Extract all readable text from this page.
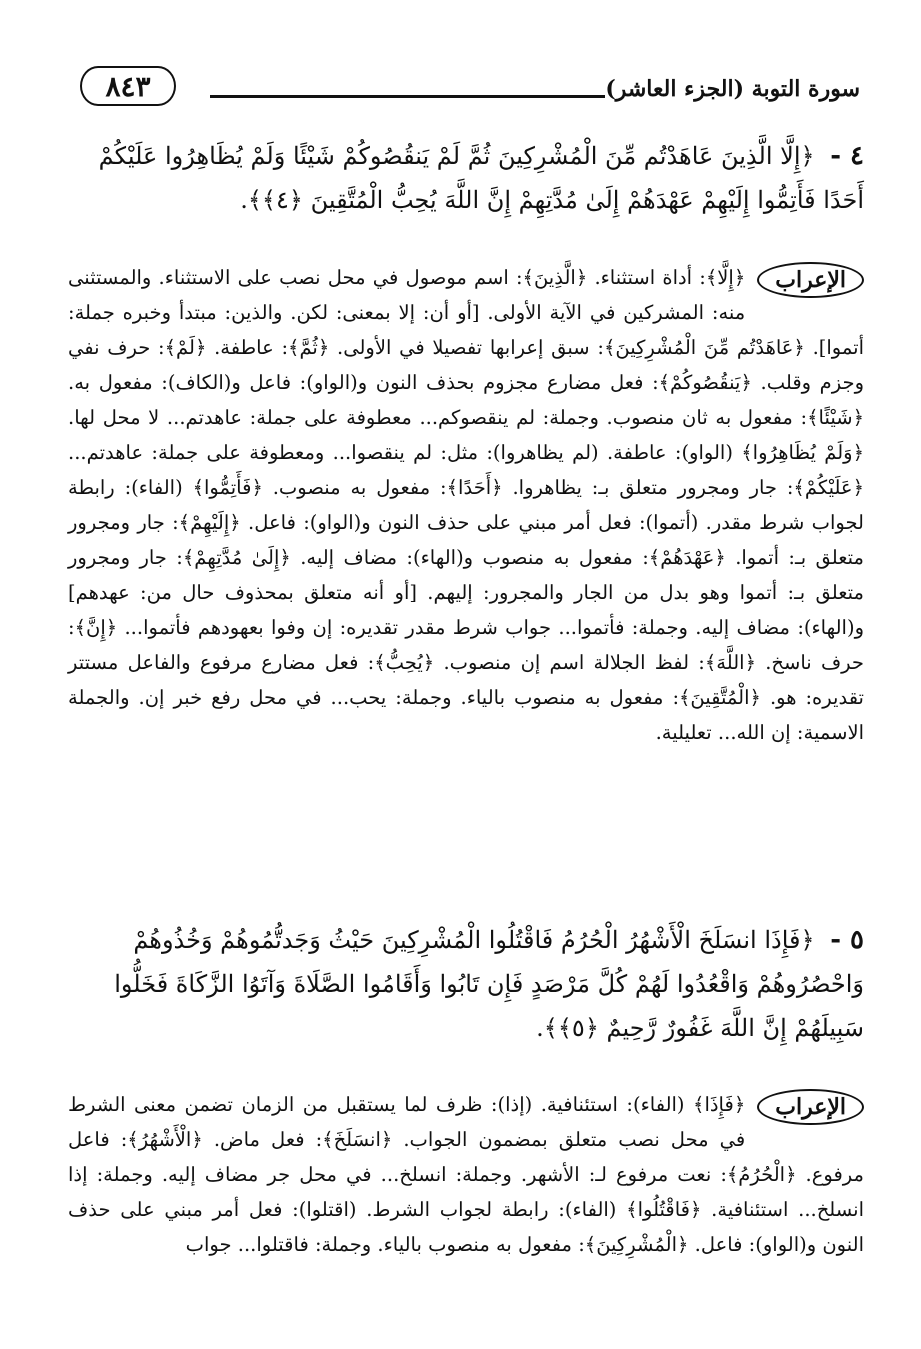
٨٤٣	سورة التوبة (الجزء العاشر)
٤ - ﴿إِلَّا الَّذِينَ عَاهَدْتُم مِّنَ الْمُشْرِكِينَ ثُمَّ لَمْ يَنقُصُوكُمْ شَيْئًا وَلَمْ يُظَاهِرُوا عَلَيْكُمْ أَحَدًا فَأَتِمُّوا إِلَيْهِمْ عَهْدَهُمْ إِلَىٰ مُدَّتِهِمْ إِنَّ اللَّهَ يُحِبُّ الْمُتَّقِينَ ﴿٤﴾﴾.
الإعراب
﴿إِلَّا﴾: أداة استثناء. ﴿الَّذِينَ﴾: اسم موصول في محل نصب على الاستثناء. والمستثنى منه: المشركين في الآية الأولى. [أو أن: إلا بمعنى: لكن. والذين: مبتدأ وخبره جملة: أتموا]. ﴿عَاهَدْتُم مِّنَ الْمُشْرِكِينَ﴾: سبق إعرابها تفصيلا في الأولى. ﴿ثُمَّ﴾: عاطفة. ﴿لَمْ﴾: حرف نفي وجزم وقلب. ﴿يَنقُصُوكُمْ﴾: فعل مضارع مجزوم بحذف النون و(الواو): فاعل و(الكاف): مفعول به. ﴿شَيْئًا﴾: مفعول به ثان منصوب. وجملة: لم ينقصوكم... معطوفة على جملة: عاهدتم... لا محل لها. ﴿وَلَمْ يُظَاهِرُوا﴾ (الواو): عاطفة. (لم يظاهروا): مثل: لم ينقصوا... ومعطوفة على جملة: عاهدتم... ﴿عَلَيْكُمْ﴾: جار ومجرور متعلق بـ: يظاهروا. ﴿أَحَدًا﴾: مفعول به منصوب. ﴿فَأَتِمُّوا﴾ (الفاء): رابطة لجواب شرط مقدر. (أتموا): فعل أمر مبني على حذف النون و(الواو): فاعل. ﴿إِلَيْهِمْ﴾: جار ومجرور متعلق بـ: أتموا. ﴿عَهْدَهُمْ﴾: مفعول به منصوب و(الهاء): مضاف إليه. ﴿إِلَىٰ مُدَّتِهِمْ﴾: جار ومجرور متعلق بـ: أتموا وهو بدل من الجار والمجرور: إليهم. [أو أنه متعلق بمحذوف حال من: عهدهم] و(الهاء): مضاف إليه. وجملة: فأتموا... جواب شرط مقدر تقديره: إن وفوا بعهودهم فأتموا... ﴿إِنَّ﴾: حرف ناسخ. ﴿اللَّهَ﴾: لفظ الجلالة اسم إن منصوب. ﴿يُحِبُّ﴾: فعل مضارع مرفوع والفاعل مستتر تقديره: هو. ﴿الْمُتَّقِينَ﴾: مفعول به منصوب بالياء. وجملة: يحب... في محل رفع خبر إن. والجملة الاسمية: إن الله... تعليلية.
٥ - ﴿فَإِذَا انسَلَخَ الْأَشْهُرُ الْحُرُمُ فَاقْتُلُوا الْمُشْرِكِينَ حَيْثُ وَجَدتُّمُوهُمْ وَخُذُوهُمْ وَاحْصُرُوهُمْ وَاقْعُدُوا لَهُمْ كُلَّ مَرْصَدٍ فَإِن تَابُوا وَأَقَامُوا الصَّلَاةَ وَآتَوُا الزَّكَاةَ فَخَلُّوا سَبِيلَهُمْ إِنَّ اللَّهَ غَفُورٌ رَّحِيمٌ ﴿٥﴾﴾.
الإعراب
﴿فَإِذَا﴾ (الفاء): استئنافية. (إذا): ظرف لما يستقبل من الزمان تضمن معنى الشرط في محل نصب متعلق بمضمون الجواب. ﴿انسَلَخَ﴾: فعل ماض. ﴿الْأَشْهُرُ﴾: فاعل مرفوع. ﴿الْحُرُمُ﴾: نعت مرفوع لـ: الأشهر. وجملة: انسلخ... في محل جر مضاف إليه. وجملة: إذا انسلخ... استئنافية. ﴿فَاقْتُلُوا﴾ (الفاء): رابطة لجواب الشرط. (اقتلوا): فعل أمر مبني على حذف النون و(الواو): فاعل. ﴿الْمُشْرِكِينَ﴾: مفعول به منصوب بالياء. وجملة: فاقتلوا... جواب
